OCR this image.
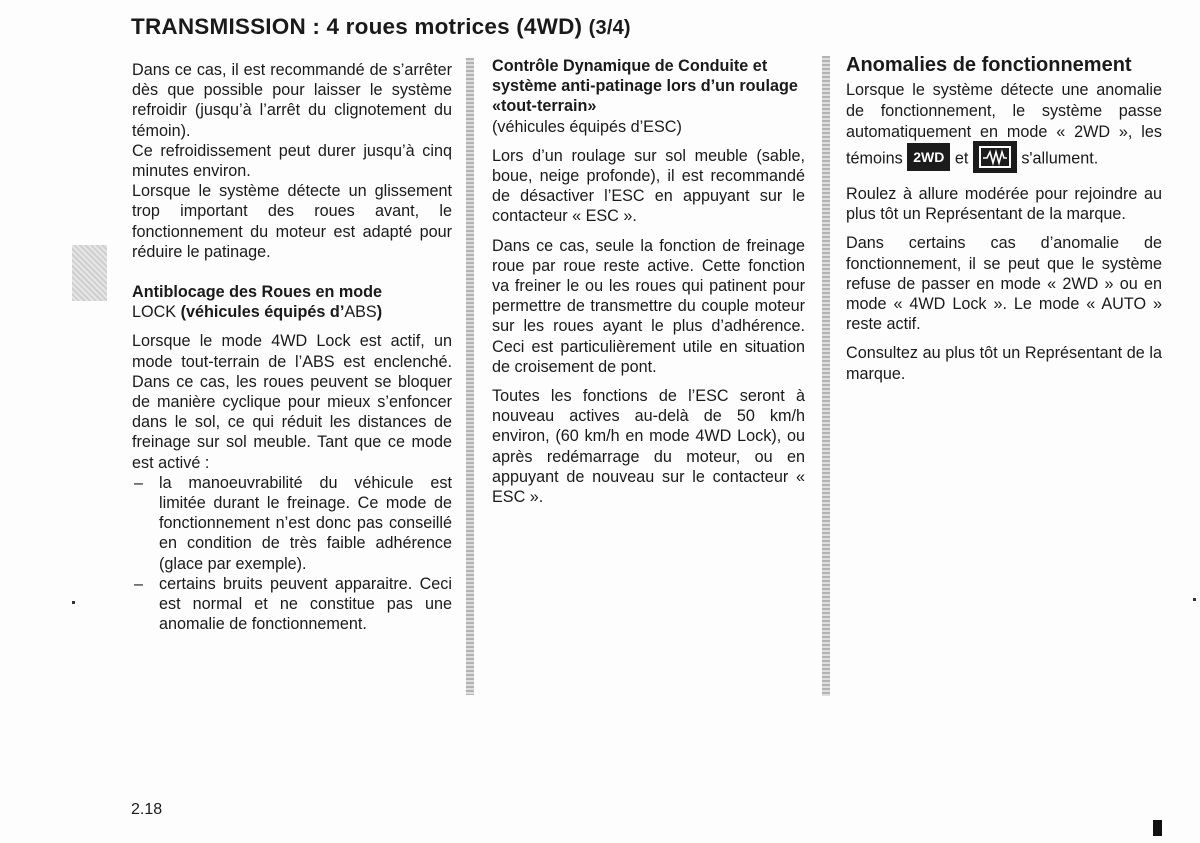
TRANSMISSION : 4 roues motrices (4WD) (3/4)

Dans ce cas, il est recommandé de s’arrêter dès que possible pour laisser le système refroidir (jusqu’à l’arrêt du clignotement du témoin).

Ce refroidissement peut durer jusqu’à cinq minutes environ.

Lorsque le système détecte un glissement trop important des roues avant, le fonctionnement du moteur est adapté pour réduire le patinage.

Antiblocage des Roues en mode
LOCK (véhicules équipés d’ABS)

Lorsque le mode 4WD Lock est actif, un mode tout-terrain de l’ABS est enclenché. Dans ce cas, les roues peuvent se bloquer de manière cyclique pour mieux s’enfoncer dans le sol, ce qui réduit les distances de freinage sur sol meuble. Tant que ce mode est activé :

– la manoeuvrabilité du véhicule est limitée durant le freinage. Ce mode de fonctionnement n’est donc pas conseillé en condition de très faible adhérence (glace par exemple).
– certains bruits peuvent apparaitre. Ceci est normal et ne constitue pas une anomalie de fonctionnement.

Contrôle Dynamique de Conduite et système anti-patinage lors d’un roulage «tout-terrain»

(véhicules équipés d’ESC)

Lors d’un roulage sur sol meuble (sable, boue, neige profonde), il est recommandé de désactiver l’ESC en appuyant sur le contacteur « ESC ».

Dans ce cas, seule la fonction de freinage roue par roue reste active. Cette fonction va freiner le ou les roues qui patinent pour permettre de transmettre du couple moteur sur les roues ayant le plus d’adhérence. Ceci est particulièrement utile en situation de croisement de pont.

Toutes les fonctions de l’ESC seront à nouveau actives au-delà de 50 km/h environ, (60 km/h en mode 4WD Lock), ou après redémarrage du moteur, ou en appuyant de nouveau sur le contacteur « ESC ».

Anomalies de fonctionnement

Lorsque le système détecte une anomalie de fonctionnement, le système passe automatiquement en mode « 2WD », les témoins 2WD et	s'allument.

Roulez à allure modérée pour rejoindre au plus tôt un Représentant de la marque.

Dans certains cas d’anomalie de fonctionnement, il se peut que le système refuse de passer en mode « 2WD » ou en mode « 4WD Lock ». Le mode « AUTO » reste actif.

Consultez au plus tôt un Représentant de la marque.

2.18
